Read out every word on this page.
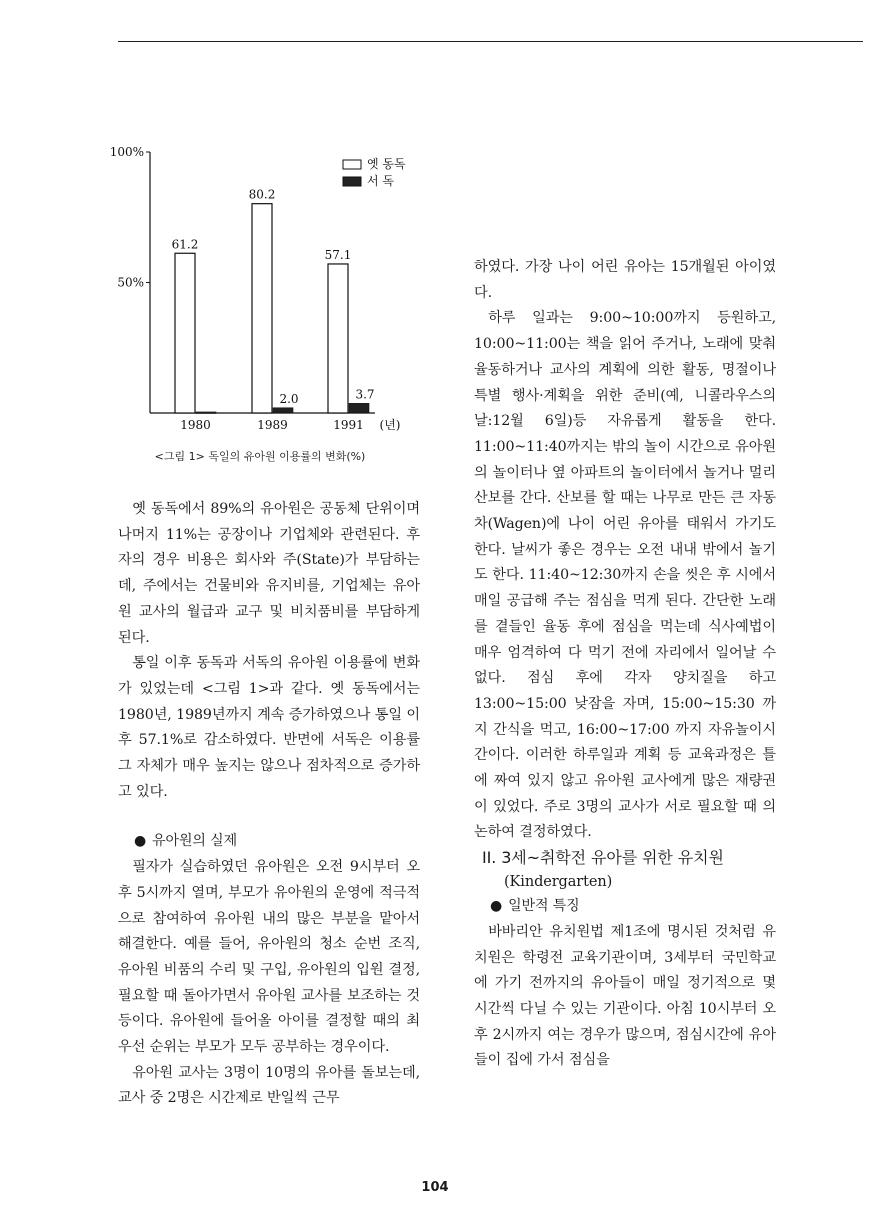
100%
50%
1980	1989	1991 (년)
61.2
80.2
57.1
2.0	3.7
옛 동독
서 독
<그림 1> 독일의 유아원 이용률의 변화(%)

옛 동독에서 89%의 유아원은 공동체 단위이며 나머지 11%는 공장이나 기업체와 관련된다. 후자의 경우 비용은 회사와 주(State)가 부담하는데, 주에서는 건물비와 유지비를, 기업체는 유아원 교사의 월급과 교구 및 비치품비를 부담하게 된다.

통일 이후 동독과 서독의 유아원 이용률에 변화가 있었는데 <그림 1>과 같다. 옛 동독에서는 1980년, 1989년까지 계속 증가하였으나 통일 이후 57.1%로 감소하였다. 반면에 서독은 이용률 그 자체가 매우 높지는 않으나 점차적으로 증가하고 있다.

● 유아원의 실제

필자가 실습하였던 유아원은 오전 9시부터 오후 5시까지 열며, 부모가 유아원의 운영에 적극적으로 참여하여 유아원 내의 많은 부분을 맡아서 해결한다. 예를 들어, 유아원의 청소 순번 조직, 유아원 비품의 수리 및 구입, 유아원의 입원 결정, 필요할 때 돌아가면서 유아원 교사를 보조하는 것 등이다. 유아원에 들어올 아이를 결정할 때의 최우선 순위는 부모가 모두 공부하는 경우이다.

유아원 교사는 3명이 10명의 유아를 돌보는데, 교사 중 2명은 시간제로 반일씩 근무

하였다. 가장 나이 어린 유아는 15개월된 아이였다.

하루 일과는 9:00~10:00까지 등원하고, 10:00~11:00는 책을 읽어 주거나, 노래에 맞춰 율동하거나 교사의 계획에 의한 활동, 명절이나 특별 행사·계획을 위한 준비(예, 니콜라우스의 날:12월 6일)등 자유롭게 활동을 한다. 11:00~11:40까지는 밖의 놀이 시간으로 유아원의 놀이터나 옆 아파트의 놀이터에서 놀거나 멀리 산보를 간다. 산보를 할 때는 나무로 만든 큰 자동차(Wagen)에 나이 어린 유아를 태워서 가기도 한다. 날씨가 좋은 경우는 오전 내내 밖에서 놀기도 한다. 11:40~12:30까지 손을 씻은 후 시에서 매일 공급해 주는 점심을 먹게 된다. 간단한 노래를 곁들인 율동 후에 점심을 먹는데 식사예법이 매우 엄격하여 다 먹기 전에 자리에서 일어날 수 없다. 점심 후에 각자 양치질을 하고 13:00~15:00 낮잠을 자며, 15:00~15:30 까지 간식을 먹고, 16:00~17:00 까지 자유놀이시간이다. 이러한 하루일과 계획 등 교육과정은 틀에 짜여 있지 않고 유아원 교사에게 많은 재량권이 있었다. 주로 3명의 교사가 서로 필요할 때 의논하여 결정하였다.

II. 3세~취학전 유아를 위한 유치원

(Kindergarten)

● 일반적 특징

바바리안 유치원법 제1조에 명시된 것처럼 유치원은 학령전 교육기관이며, 3세부터 국민학교에 가기 전까지의 유아들이 매일 정기적으로 몇 시간씩 다닐 수 있는 기관이다. 아침 10시부터 오후 2시까지 여는 경우가 많으며, 점심시간에 유아들이 집에 가서 점심을

104
